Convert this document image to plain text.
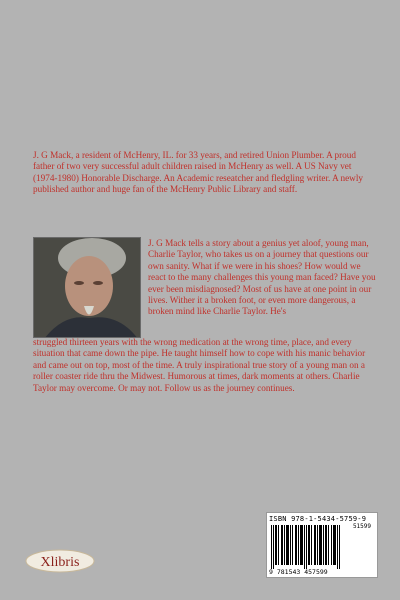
J. G Mack, a resident of McHenry, IL. for 33 years, and retired Union Plumber. A proud father of two very successful adult children raised in McHenry as well. A US Navy vet (1974-1980) Honorable Discharge. An Academic reseatcher and fledgling writer. A newly published author and huge fan of the McHenry Public Library and staff.

J. G Mack tells a story about a genius yet aloof, young man, Charlie Taylor, who takes us on a journey that questions our own sanity. What if we were in his shoes? How would we react to the many challenges this young man faced? Have you ever been misdiagnosed? Most of us have at one point in our lives. Wither it a broken foot, or even more dangerous, a broken mind like Charlie Taylor. He's

struggled thirteen years with the wrong medication at the wrong time, place, and every situation that came down the pipe. He taught himself how to cope with his manic behavior and came out on top, most of the time. A truly inspirational true story of a young man on a roller coaster ride thru the Midwest. Humorous at times, dark moments at others. Charlie Taylor may overcome. Or may not. Follow us as the journey continues.

ISBN 978-1-5434-5759-9
51599
9 781543 457599
Xlibris
